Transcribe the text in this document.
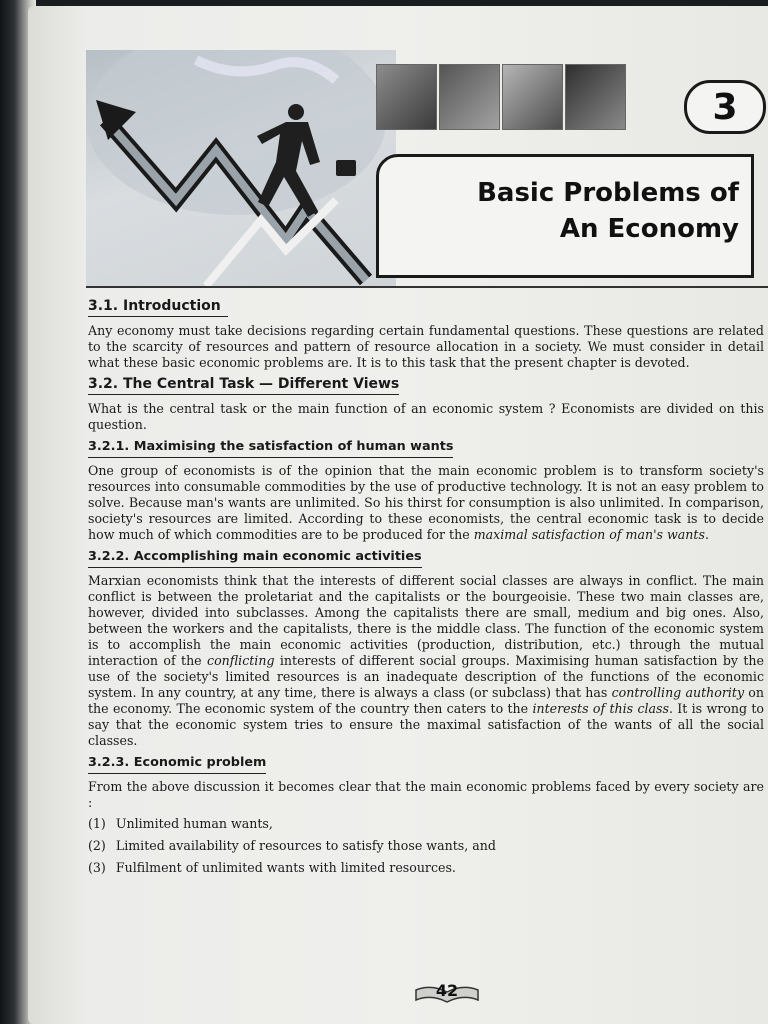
3
Basic Problems of
An Economy
3.1. Introduction

Any economy must take decisions regarding certain fundamental questions. These questions are related to the scarcity of resources and pattern of resource allocation in a society. We must consider in detail what these basic economic problems are. It is to this task that the present chapter is devoted.

3.2. The Central Task — Different Views

What is the central task or the main function of an economic system ? Economists are divided on this question.

3.2.1. Maximising the satisfaction of human wants

One group of economists is of the opinion that the main economic problem is to transform society's resources into consumable commodities by the use of productive technology. It is not an easy problem to solve. Because man's wants are unlimited. So his thirst for consumption is also unlimited. In comparison, society's resources are limited. According to these economists, the central economic task is to decide how much of which commodities are to be produced for the maximal satisfaction of man's wants.

3.2.2. Accomplishing main economic activities

Marxian economists think that the interests of different social classes are always in conflict. The main conflict is between the proletariat and the capitalists or the bourgeoisie. These two main classes are, however, divided into subclasses. Among the capitalists there are small, medium and big ones. Also, between the workers and the capitalists, there is the middle class. The function of the economic system is to accomplish the main economic activities (production, distribution, etc.) through the mutual interaction of the conflicting interests of different social groups. Maximising human satisfaction by the use of the society's limited resources is an inadequate description of the functions of the economic system. In any country, at any time, there is always a class (or subclass) that has controlling authority on the economy. The economic system of the country then caters to the interests of this class. It is wrong to say that the economic system tries to ensure the maximal satisfaction of the wants of all the social classes.

3.2.3. Economic problem

From the above discussion it becomes clear that the main economic problems faced by every society are :

(1) Unlimited human wants,
(2) Limited availability of resources to satisfy those wants, and
(3) Fulfilment of unlimited wants with limited resources.
42
